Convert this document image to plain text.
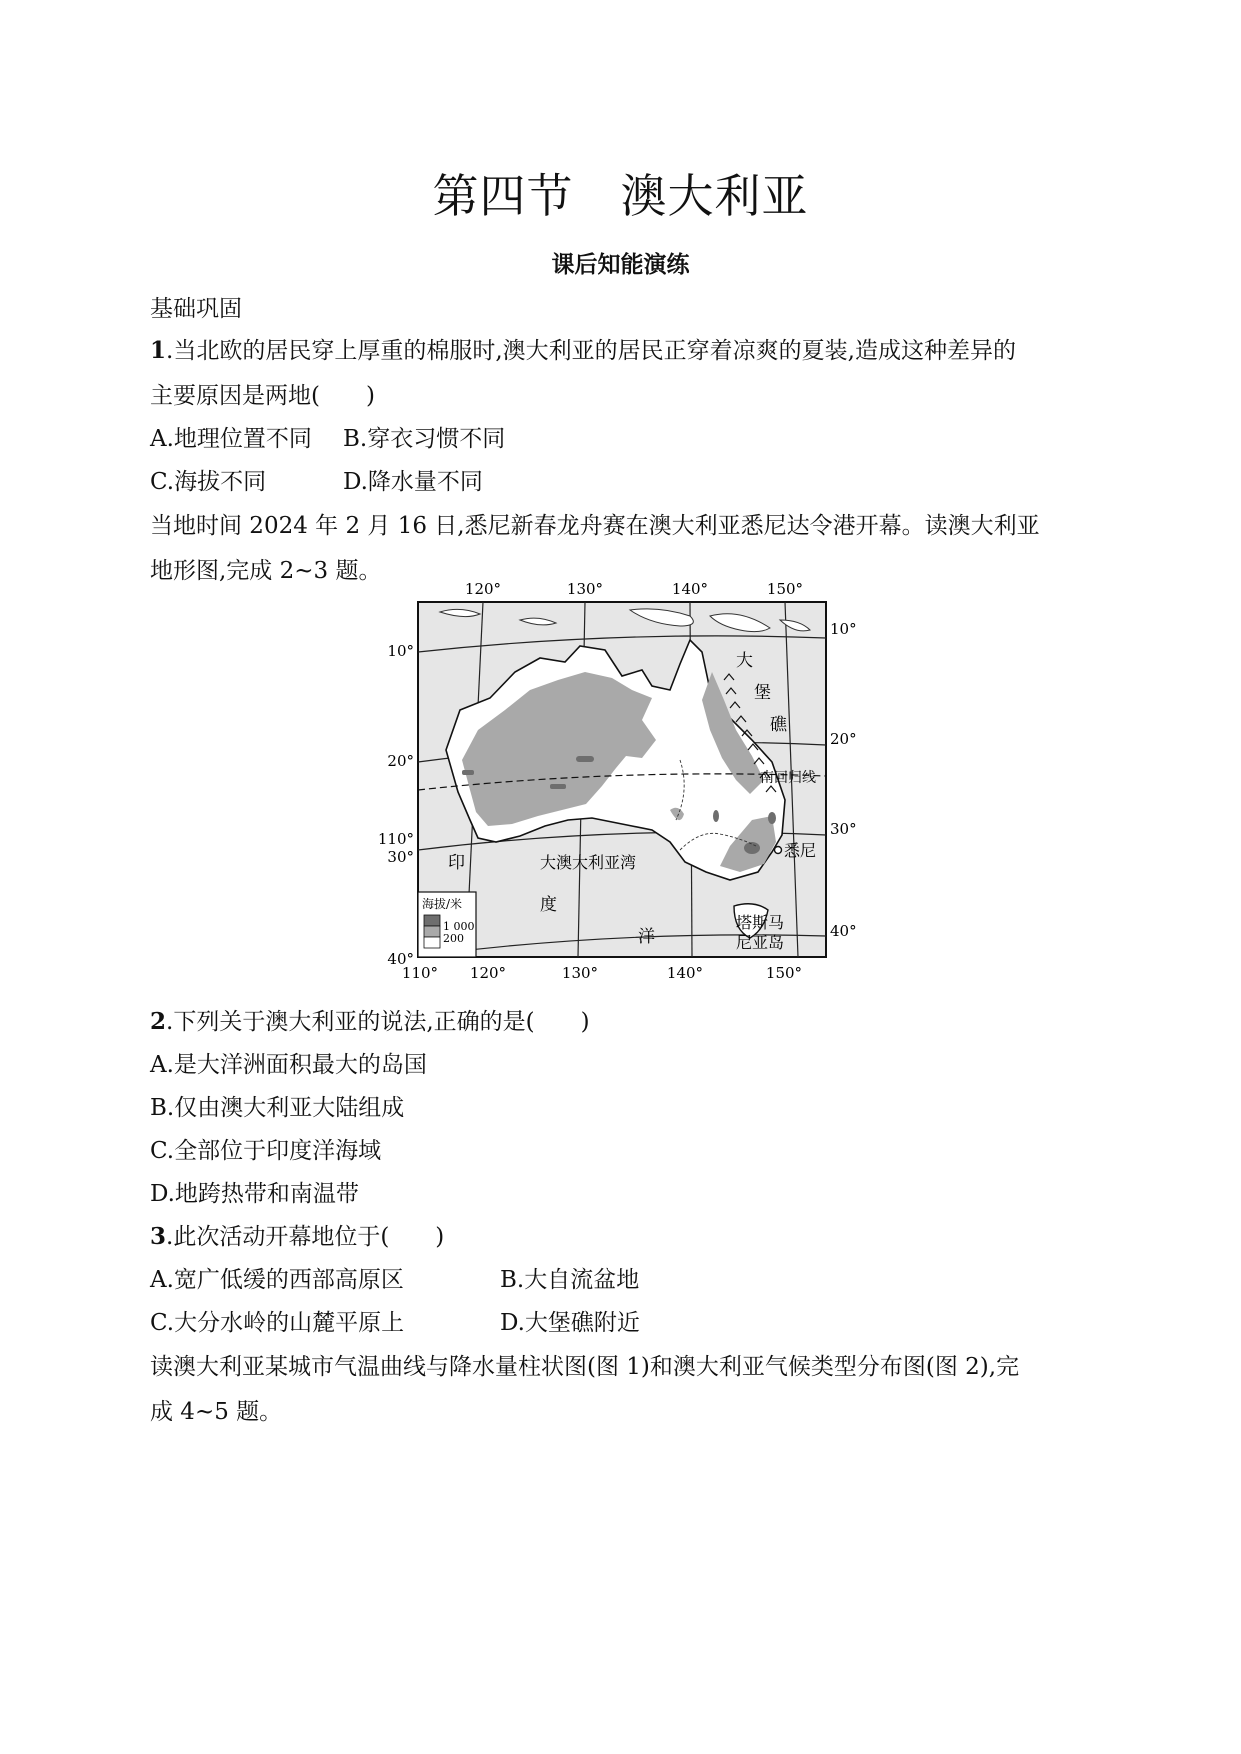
第四节　澳大利亚
课后知能演练
基础巩固
1.当北欧的居民穿上厚重的棉服时,澳大利亚的居民正穿着凉爽的夏装,造成这种差异的
主要原因是两地(　　)
A.地理位置不同 B.穿衣习惯不同
C.海拔不同	D.降水量不同
当地时间 2024 年 2 月 16 日,悉尼新春龙舟赛在澳大利亚悉尼达令港开幕。读澳大利亚
地形图,完成 2~3 题。
120°	130°	140°	150°
110° 120°	130°	140°	150°
10°
20°
110°
30°
40°
10°
20°
30°
40°
大
堡
礁
南回归线
悉尼
大澳大利亚湾
印
度
洋
塔斯马
尼亚岛
海拔/米
1 000
200
2.下列关于澳大利亚的说法,正确的是(　　)
A.是大洋洲面积最大的岛国
B.仅由澳大利亚大陆组成
C.全部位于印度洋海域
D.地跨热带和南温带
3.此次活动开幕地位于(　　)
A.宽广低缓的西部高原区	B.大自流盆地
C.大分水岭的山麓平原上	D.大堡礁附近
读澳大利亚某城市气温曲线与降水量柱状图(图 1)和澳大利亚气候类型分布图(图 2),完
成 4~5 题。
